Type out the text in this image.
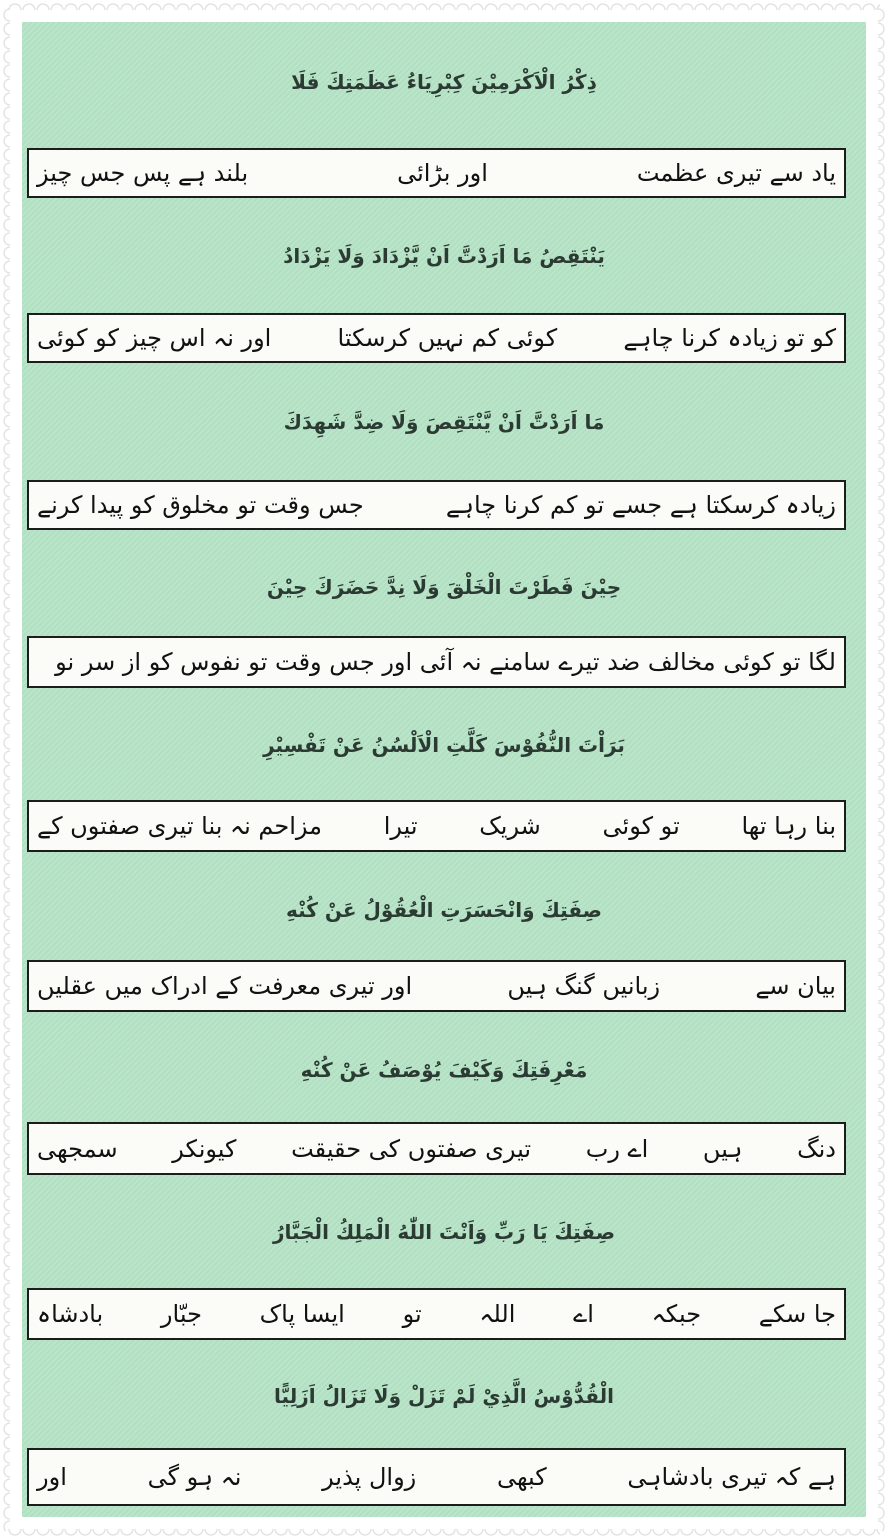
ذِكْرُ الْاَكْرَمِيْنَ كِبْرِيَاءُ عَظَمَتِكَ فَلَا
یاد سے تیری عظمت
اور بڑائی
بلند ہے پس جس چیز
يَنْتَقِصُ مَا اَرَدْتَّ اَنْ يَّزْدَادَ وَلَا يَزْدَادُ
کو تو زیادہ کرنا چاہے
کوئی کم نہیں کرسکتا
اور نہ اس چیز کو کوئی
مَا اَرَدْتَّ اَنْ يَّنْتَقِصَ وَلَا ضِدَّ شَهِدَكَ
زیادہ کرسکتا ہے جسے تو کم کرنا چاہے
جس وقت تو مخلوق کو پیدا کرنے
حِيْنَ فَطَرْتَ الْخَلْقَ وَلَا نِدَّ حَضَرَكَ حِيْنَ
لگا تو کوئی مخالف ضد تیرے سامنے نہ آئی اور جس وقت تو نفوس کو از سر نو
بَرَاْتَ النُّفُوْسَ كَلَّتِ الْاَلْسُنُ عَنْ تَفْسِيْرِ
بنا رہا تھا
تو کوئی
شریک
تیرا
مزاحم نہ بنا تیری صفتوں کے
صِفَتِكَ وَانْحَسَرَتِ الْعُقُوْلُ عَنْ كُنْهِ
بیان سے
زبانیں گنگ ہیں
اور تیری معرفت کے ادراک میں عقلیں
مَعْرِفَتِكَ وَكَيْفَ يُوْصَفُ عَنْ كُنْهِ
دنگ
ہیں
اے رب
تیری صفتوں کی حقیقت
کیونکر
سمجھی
صِفَتِكَ يَا رَبِّ وَاَنْتَ اللّٰهُ الْمَلِكُ الْجَبَّارُ
جا سکے
جبکہ
اے
اللہ
تو
ایسا پاک
جبّار
بادشاہ
الْقُدُّوْسُ الَّذِيْ لَمْ تَزَلْ وَلَا تَزَالُ اَزَلِيًّا
ہے کہ تیری بادشاہی
کبھی
زوال پذیر
نہ ہو گی
اور
